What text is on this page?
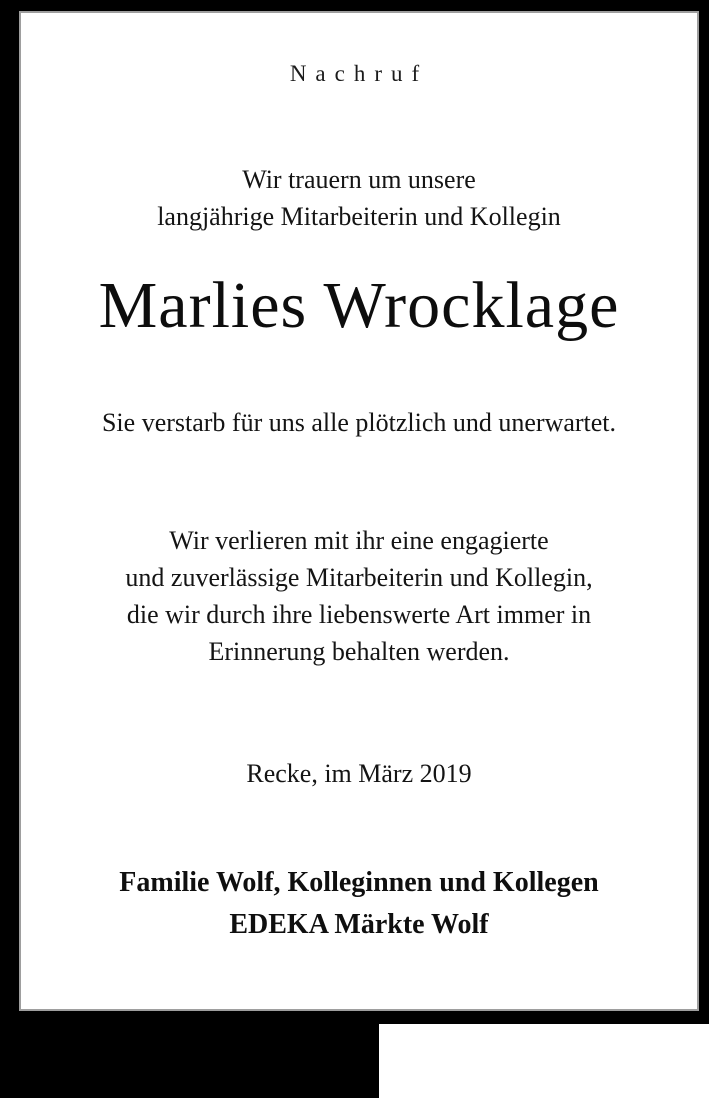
Nachruf
Wir trauern um unsere
langjährige Mitarbeiterin und Kollegin
Marlies Wrocklage
Sie verstarb für uns alle plötzlich und unerwartet.
Wir verlieren mit ihr eine engagierte
und zuverlässige Mitarbeiterin und Kollegin,
die wir durch ihre liebenswerte Art immer in
Erinnerung behalten werden.
Recke, im März 2019
Familie Wolf, Kolleginnen und Kollegen
EDEKA Märkte Wolf
